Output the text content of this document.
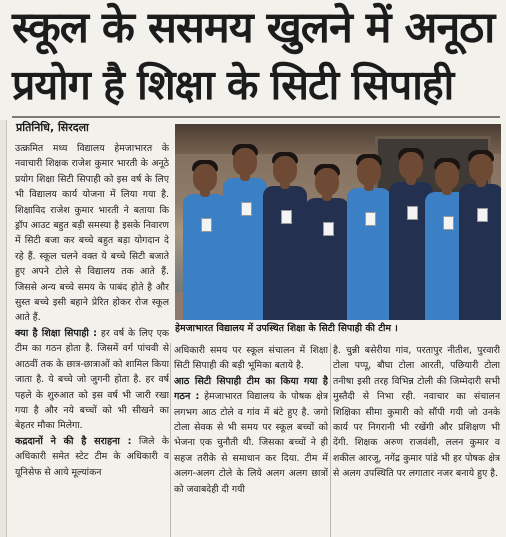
स्कूल के ससमय खुलने में अनूठा
प्रयोग है शिक्षा के सिटी सिपाही
प्रतिनिधि, सिरदला

उत्क्रमित मध्य विद्यालय हेमजाभारत के नवाचारी शिक्षक राजेश कुमार भारती के अनूठे प्रयोग शिक्षा सिटी सिपाही को इस वर्ष के लिए भी विद्यालय कार्य योजना में लिया गया है. शिक्षाविद राजेश कुमार भारती ने बताया कि ड्रॉप आउट बहुत बड़ी समस्या है इसके निवारण में सिटी बजा कर बच्चे बहुत बड़ा योगदान दे रहे हैं. स्कूल चलने वक्त ये बच्चे सिटी बजाते हुए अपने टोले से विद्यालय तक आते हैं. जिससे अन्य बच्चे समय के पाबंद होते है और सुस्त बच्चे इसी बहाने प्रेरित होकर रोज स्कूल आते हैं.

क्या है शिक्षा सिपाही : हर वर्ष के लिए एक टीम का गठन होता है. जिसमें वर्ग पांचवी से आठवीं तक के छात्र-छात्राओं को शामिल किया जाता है. ये बच्चे जो जुगनी होता है. हर वर्ष पहले के शुरुआत को इस वर्ष भी जारी रखा गया है और नये बच्चों को भी सीखने का बेहतर मौका मिलेगा.

कद्रदानों ने की है सराहना : जिले के अधिकारी समेत स्टेट टीम के अधिकारी व यूनिसेफ से आये मूल्यांकन

हेमजाभारत विद्यालय में उपस्थित शिक्षा के सिटी सिपाही की टीम ।

अधिकारी समय पर स्कूल संचालन में शिक्षा सिटी सिपाही की बड़ी भूमिका बताये है.

आठ सिटी सिपाही टीम का किया गया है गठन : हेमजाभारत विद्यालय के पोषक क्षेत्र लगभग आठ टोले व गांव में बंटे हुए है. जगो टोला सेवक से भी समय पर स्कूल बच्चों को भेजना एक चुनौती थी. जिसका बच्चों ने ही सहज तरीके से समाधान कर दिया. टीम में अलग-अलग टोले के लिये अलग अलग छात्रों को जवाबदेही दी गयी

है. चुन्नी बसेरीया गांव, परतापुर नीतीश, पुरवारी टोला पप्पू, बौघा टोला आरती, पछियारी टोला तनीषा इसी तरह विभिन्न टोली की जिम्मेदारी सभी मुस्तैदी से निभा रही. नवाचार का संचालन शिक्षिका सीमा कुमारी को सौंपी गयी जो उनके कार्य पर निगरानी भी रखेंगी और प्रशिक्षण भी देंगी. शिक्षक अरुण राजवंशी, ललन कुमार व शकील आरजू, नगेंद्र कुमार पांडे भी हर पोषक क्षेत्र से अलग उपस्थिति पर लगातार नजर बनाये हुए है.
